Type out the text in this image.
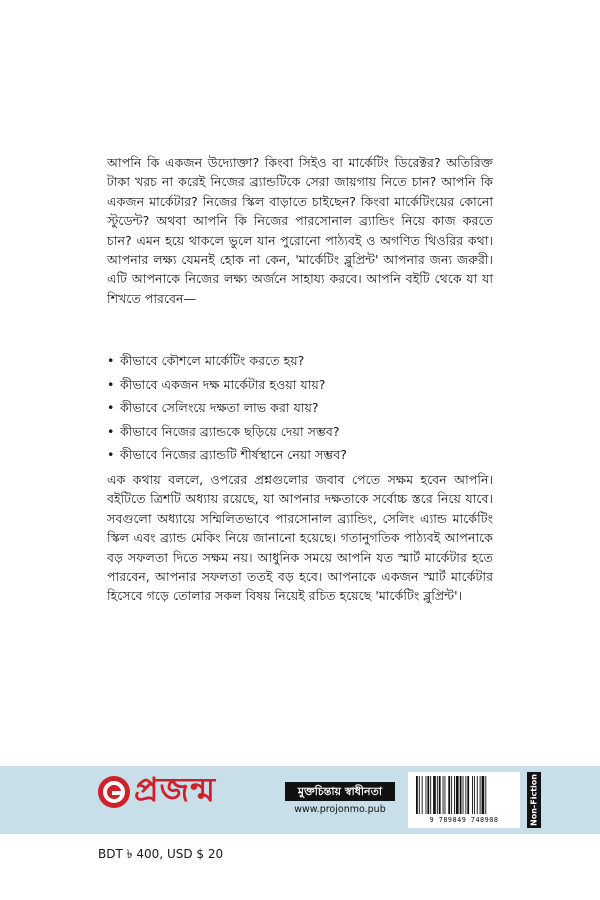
আপনি কি একজন উদ্যোক্তা? কিংবা সিইও বা মার্কেটিং ডিরেক্টর? অতিরিক্ত টাকা খরচ না করেই নিজের ব্র্যান্ডটিকে সেরা জায়গায় নিতে চান? আপনি কি একজন মার্কেটার? নিজের স্কিল বাড়াতে চাইছেন? কিংবা মার্কেটিংয়ের কোনো স্টুডেন্ট? অথবা আপনি কি নিজের পারসোনাল ব্র্যান্ডিং নিয়ে কাজ করতে চান? এমন হয়ে থাকলে ভুলে যান পুরোনো পাঠ্যবই ও অগণিত থিওরির কথা। আপনার লক্ষ্য যেমনই হোক না কেন, 'মার্কেটিং ব্লুপ্রিন্ট' আপনার জন্য জরুরী। এটি আপনাকে নিজের লক্ষ্য অর্জনে সাহায্য করবে। আপনি বইটি থেকে যা যা শিখতে পারবেন—

• কীভাবে কৌশলে মার্কেটিং করতে হয়?
• কীভাবে একজন দক্ষ মার্কেটার হওয়া যায়?
• কীভাবে সেলিংয়ে দক্ষতা লাভ করা যায়?
• কীভাবে নিজের ব্র্যান্ডকে ছড়িয়ে দেয়া সম্ভব?
• কীভাবে নিজের ব্র্যান্ডটি শীর্ষস্থানে নেয়া সম্ভব?

এক কথায় বললে, ওপরের প্রশ্নগুলোর জবাব পেতে সক্ষম হবেন আপনি। বইটিতে ত্রিশটি অধ্যায় রয়েছে, যা আপনার দক্ষতাকে সর্বোচ্চ স্তরে নিয়ে যাবে। সবগুলো অধ্যায়ে সম্মিলিতভাবে পারসোনাল ব্র্যান্ডিং, সেলিং এ্যান্ড মার্কেটিং স্কিল এবং ব্র্যান্ড মেকিং নিয়ে জানানো হয়েছে। গতানুগতিক পাঠ্যবই আপনাকে বড় সফলতা দিতে সক্ষম নয়। আধুনিক সময়ে আপনি যত স্মার্ট মার্কেটার হতে পারবেন, আপনার সফলতা ততই বড় হবে। আপনাকে একজন স্মার্ট মার্কেটার হিসেবে গড়ে তোলার সকল বিষয় নিয়েই রচিত হয়েছে 'মার্কেটিং ব্লুপ্রিন্ট'।

প্রজন্ম	মুক্তচিন্তায় স্বাধীনতা
www.projonmo.pub
9 789849 748908	Non-Fiction
BDT ৳ 400, USD $ 20
